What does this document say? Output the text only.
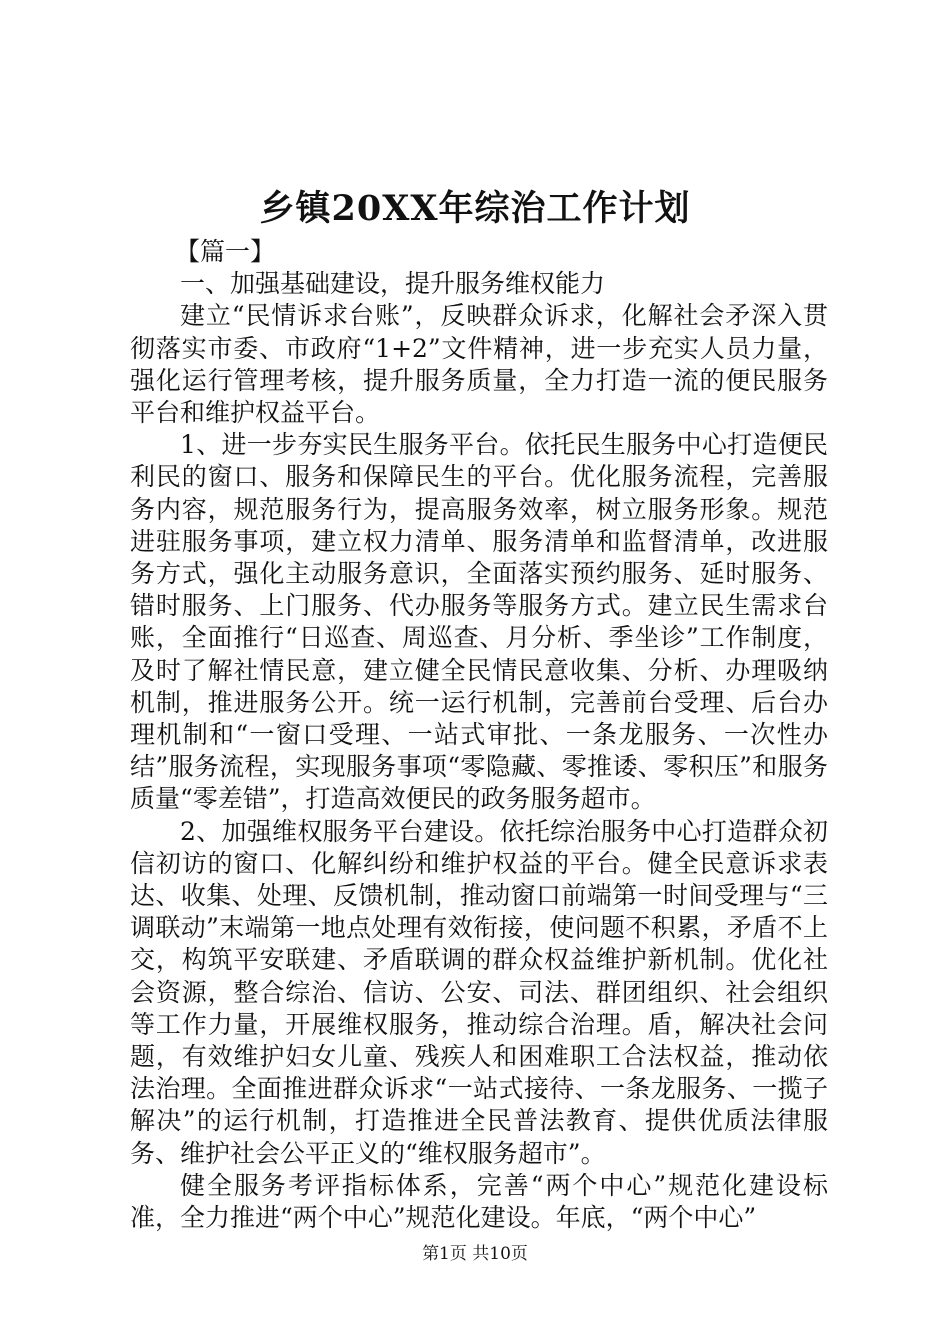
乡镇20XX年综治工作计划

【篇一】

一、加强基础建设，提升服务维权能力

建立“民情诉求台账”，反映群众诉求，化解社会矛深入贯彻落实市委、市政府“1+2”文件精神，进一步充实人员力量，强化运行管理考核，提升服务质量，全力打造一流的便民服务平台和维护权益平台。

1、进一步夯实民生服务平台。依托民生服务中心打造便民利民的窗口、服务和保障民生的平台。优化服务流程，完善服务内容，规范服务行为，提高服务效率，树立服务形象。规范进驻服务事项，建立权力清单、服务清单和监督清单，改进服务方式，强化主动服务意识，全面落实预约服务、延时服务、错时服务、上门服务、代办服务等服务方式。建立民生需求台账，全面推行“日巡查、周巡查、月分析、季坐诊”工作制度，及时了解社情民意，建立健全民情民意收集、分析、办理吸纳机制，推进服务公开。统一运行机制，完善前台受理、后台办理机制和“一窗口受理、一站式审批、一条龙服务、一次性办结”服务流程，实现服务事项“零隐藏、零推诿、零积压”和服务质量“零差错”，打造高效便民的政务服务超市。

2、加强维权服务平台建设。依托综治服务中心打造群众初信初访的窗口、化解纠纷和维护权益的平台。健全民意诉求表达、收集、处理、反馈机制，推动窗口前端第一时间受理与“三调联动”末端第一地点处理有效衔接，使问题不积累，矛盾不上交，构筑平安联建、矛盾联调的群众权益维护新机制。优化社会资源，整合综治、信访、公安、司法、群团组织、社会组织等工作力量，开展维权服务，推动综合治理。盾，解决社会问题，有效维护妇女儿童、残疾人和困难职工合法权益，推动依法治理。全面推进群众诉求“一站式接待、一条龙服务、一揽子解决”的运行机制，打造推进全民普法教育、提供优质法律服务、维护社会公平正义的“维权服务超市”。

健全服务考评指标体系，完善“两个中心”规范化建设标准，全力推进“两个中心”规范化建设。年底，“两个中心”

第1页 共10页
